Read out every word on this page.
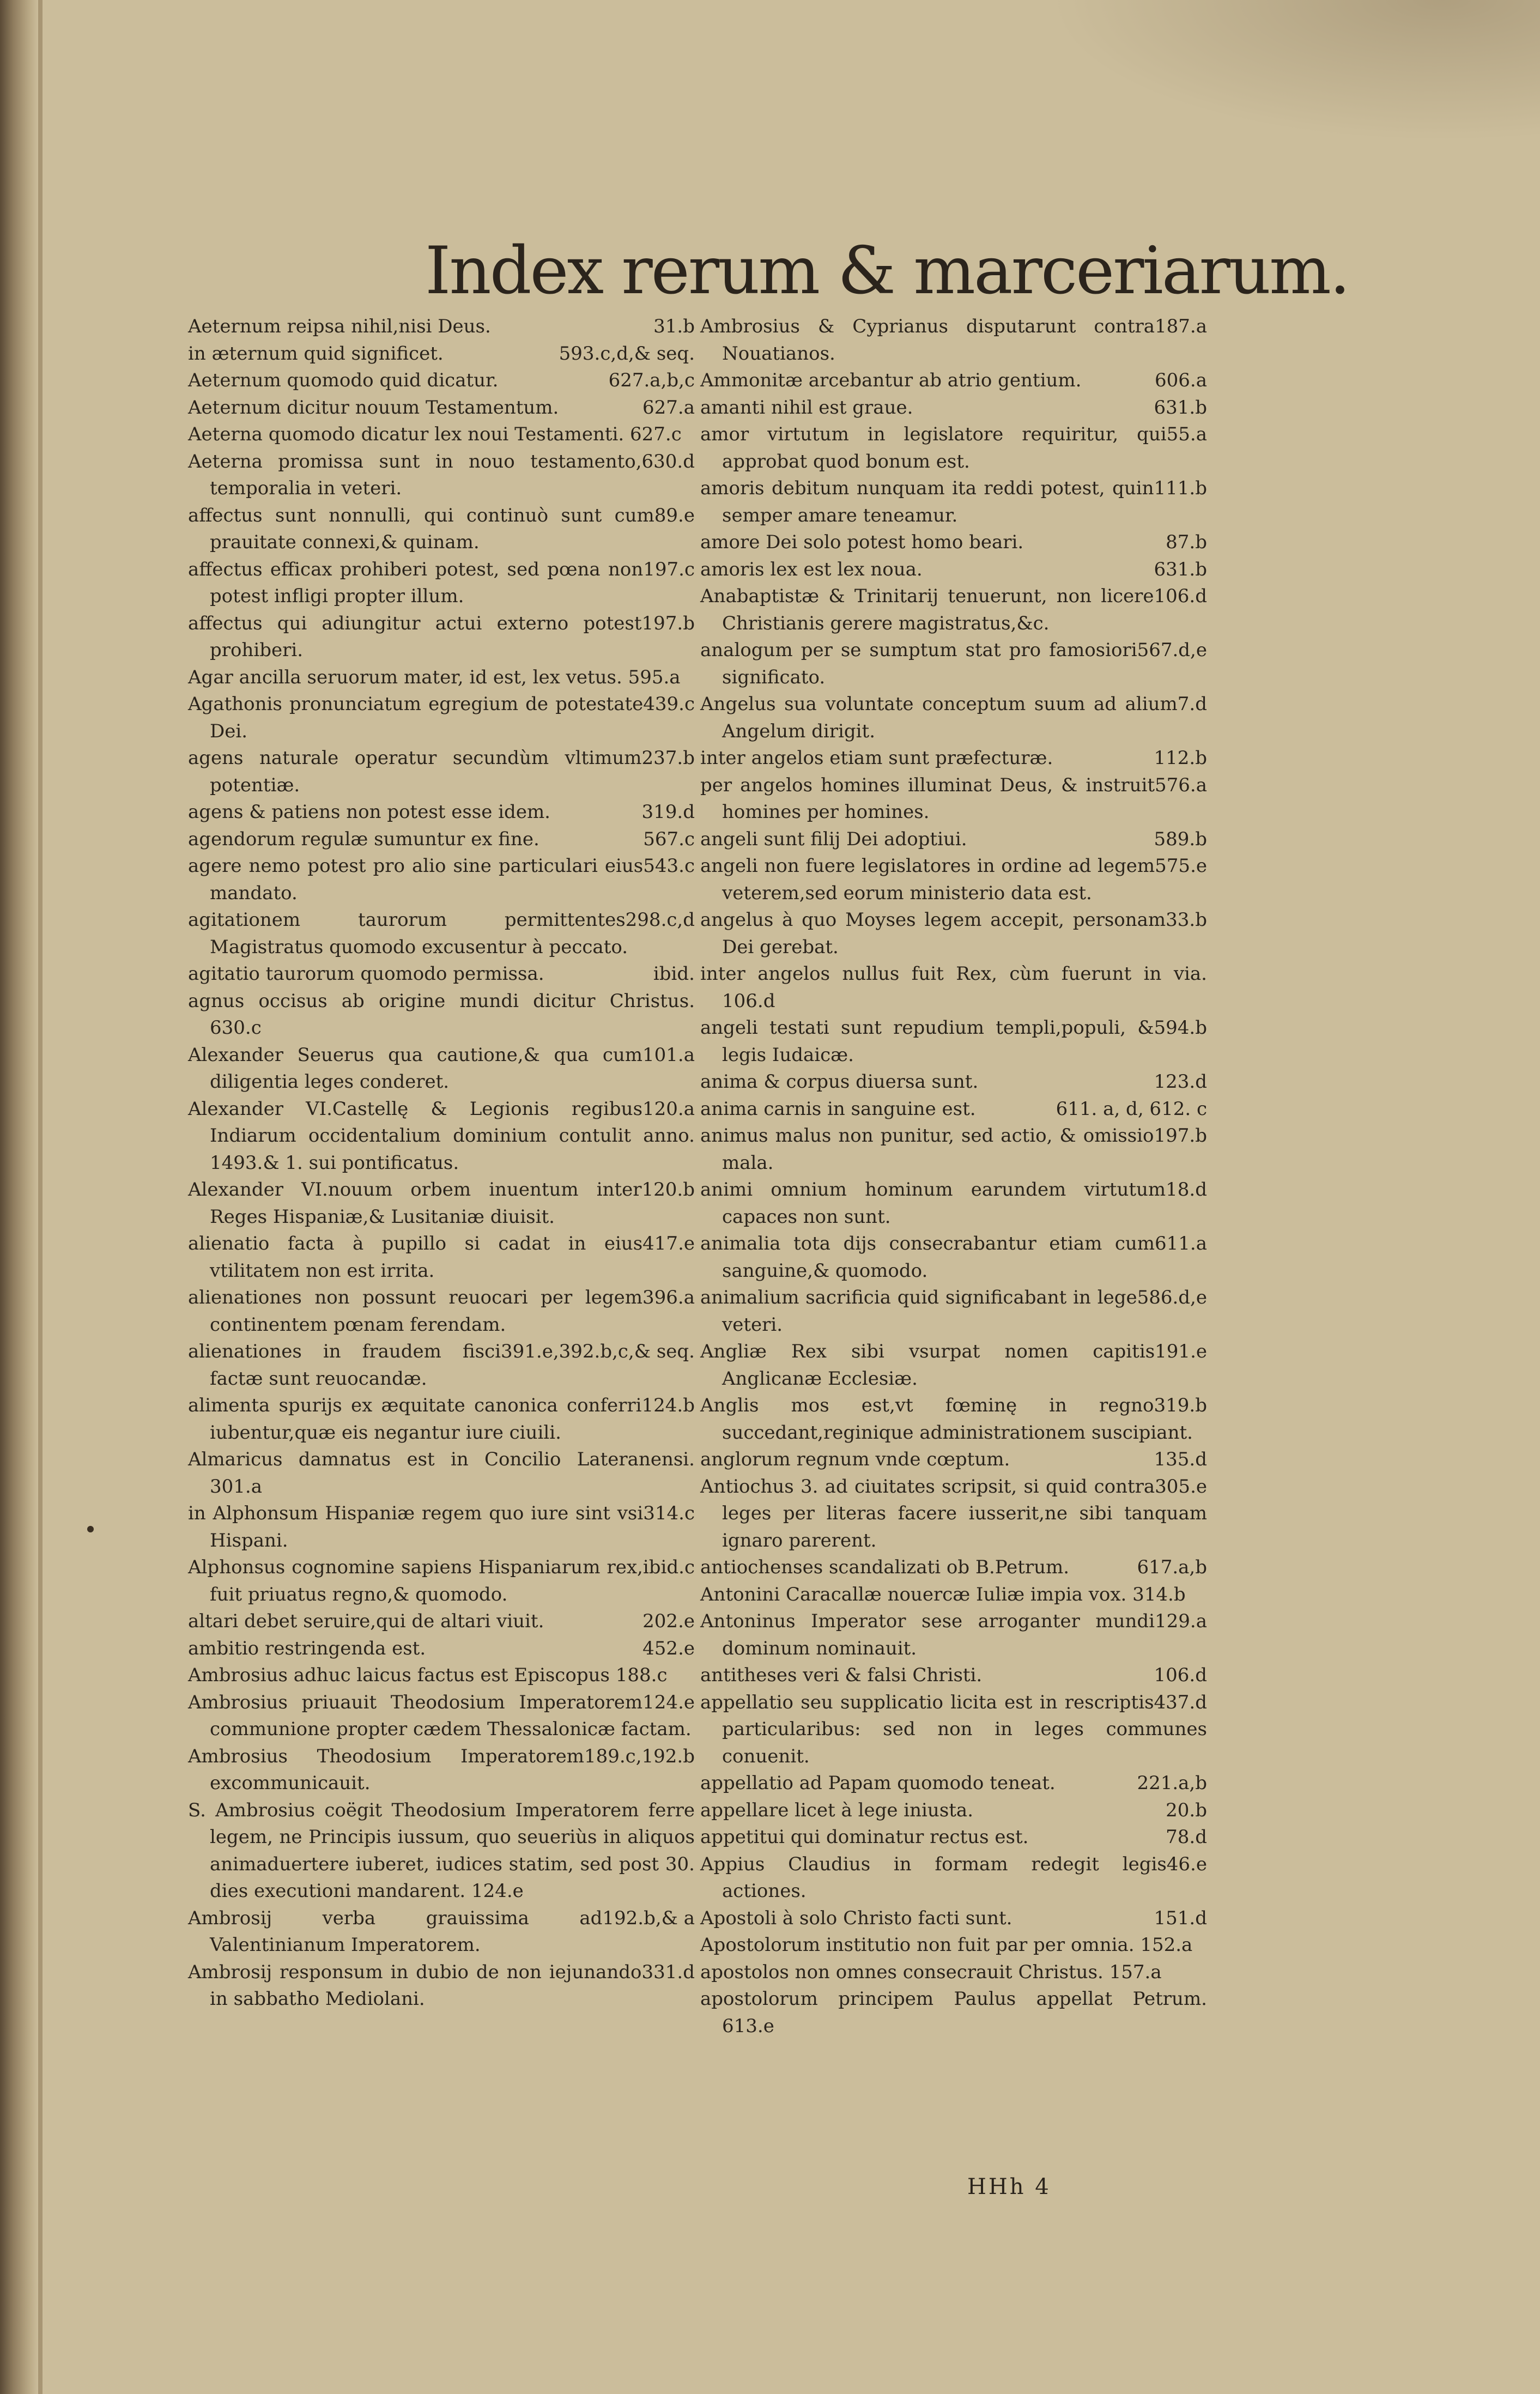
Index rerum & marceriarum.
31.b
Aeternum reipsa nihil,nisi Deus.
593.c,d,& seq.
in æternum quid significet.
627.a,b,c
Aeternum quomodo quid dicatur.
627.a
Aeternum dicitur nouum Testamentum.
Aeterna quomodo dicatur lex noui Testamenti. 627.c
630.d
Aeterna promissa sunt in nouo testamento, temporalia in veteri.
89.e
affectus sunt nonnulli, qui continuò sunt cum prauitate connexi,& quinam.
197.c
affectus efficax prohiberi potest, sed pœna non potest infligi propter illum.
197.b
affectus qui adiungitur actui externo potest prohiberi.
Agar ancilla seruorum mater, id est, lex vetus. 595.a
439.c
Agathonis pronunciatum egregium de potestate Dei.
237.b
agens naturale operatur secundùm vltimum potentiæ.
319.d
agens & patiens non potest esse idem.
567.c
agendorum regulæ sumuntur ex fine.
543.c
agere nemo potest pro alio sine particulari eius mandato.
298.c,d
agitationem taurorum permittentes Magistratus quomodo excusentur à peccato.
ibid.
agitatio taurorum quomodo permissa.
agnus occisus ab origine mundi dicitur Christus. 630.c
101.a
Alexander Seuerus qua cautione,& qua cum diligentia leges conderet.
120.a
Alexander VI.Castellę & Legionis regibus Indiarum occidentalium dominium contulit anno. 1493.& 1. sui pontificatus.
120.b
Alexander VI.nouum orbem inuentum inter Reges Hispaniæ,& Lusitaniæ diuisit.
417.e
alienatio facta à pupillo si cadat in eius vtilitatem non est irrita.
396.a
alienationes non possunt reuocari per legem continentem pœnam ferendam.
391.e,392.b,c,& seq.
alienationes in fraudem fisci factæ sunt reuocandæ.
124.b
alimenta spurijs ex æquitate canonica conferri iubentur,quæ eis negantur iure ciuili.
Almaricus damnatus est in Concilio Lateranensi. 301.a
314.c
in Alphonsum Hispaniæ regem quo iure sint vsi Hispani.
ibid.c
Alphonsus cognomine sapiens Hispaniarum rex, fuit priuatus regno,& quomodo.
202.e
altari debet seruire,qui de altari viuit.
452.e
ambitio restringenda est.
Ambrosius adhuc laicus factus est Episcopus 188.c
124.e
Ambrosius priuauit Theodosium Imperatorem communione propter cædem Thessalonicæ factam.
189.c,192.b
Ambrosius Theodosium Imperatorem excommunicauit.
S. Ambrosius coëgit Theodosium Imperatorem ferre legem, ne Principis iussum, quo seueriùs in aliquos animaduertere iuberet, iudices statim, sed post 30. dies executioni mandarent. 124.e
192.b,& a
Ambrosij verba grauissima ad Valentinianum Imperatorem.
331.d
Ambrosij responsum in dubio de non iejunando in sabbatho Mediolani.
187.a
Ambrosius & Cyprianus disputarunt contra Nouatianos.
606.a
Ammonitæ arcebantur ab atrio gentium.
631.b
amanti nihil est graue.
55.a
amor virtutum in legislatore requiritur, qui approbat quod bonum est.
111.b
amoris debitum nunquam ita reddi potest, quin semper amare teneamur.
87.b
amore Dei solo potest homo beari.
631.b
amoris lex est lex noua.
106.d
Anabaptistæ & Trinitarij tenuerunt, non licere Christianis gerere magistratus,&c.
567.d,e
analogum per se sumptum stat pro famosiori significato.
7.d
Angelus sua voluntate conceptum suum ad alium Angelum dirigit.
112.b
inter angelos etiam sunt præfecturæ.
576.a
per angelos homines illuminat Deus, & instruit homines per homines.
589.b
angeli sunt filij Dei adoptiui.
575.e
angeli non fuere legislatores in ordine ad legem veterem,sed eorum ministerio data est.
33.b
angelus à quo Moyses legem accepit, personam Dei gerebat.
inter angelos nullus fuit Rex, cùm fuerunt in via. 106.d
594.b
angeli testati sunt repudium templi,populi, & legis Iudaicæ.
123.d
anima & corpus diuersa sunt.
611. a, d, 612. c
anima carnis in sanguine est.
197.b
animus malus non punitur, sed actio, & omissio mala.
18.d
animi omnium hominum earundem virtutum capaces non sunt.
611.a
animalia tota dijs consecrabantur etiam cum sanguine,& quomodo.
586.d,e
animalium sacrificia quid significabant in lege veteri.
191.e
Angliæ Rex sibi vsurpat nomen capitis Anglicanæ Ecclesiæ.
319.b
Anglis mos est,vt fœminę in regno succedant,reginique administrationem suscipiant.
135.d
anglorum regnum vnde cœptum.
305.e
Antiochus 3. ad ciuitates scripsit, si quid contra leges per literas facere iusserit,ne sibi tanquam ignaro parerent.
617.a,b
antiochenses scandalizati ob B.Petrum.
Antonini Caracallæ nouercæ Iuliæ impia vox. 314.b
129.a
Antoninus Imperator sese arroganter mundi dominum nominauit.
106.d
antitheses veri & falsi Christi.
437.d
appellatio seu supplicatio licita est in rescriptis particularibus: sed non in leges communes conuenit.
221.a,b
appellatio ad Papam quomodo teneat.
20.b
appellare licet à lege iniusta.
78.d
appetitui qui dominatur rectus est.
46.e
Appius Claudius in formam redegit legis actiones.
151.d
Apostoli à solo Christo facti sunt.
Apostolorum institutio non fuit par per omnia. 152.a
apostolos non omnes consecrauit Christus. 157.a
apostolorum principem Paulus appellat Petrum. 613.e
HHh 4
